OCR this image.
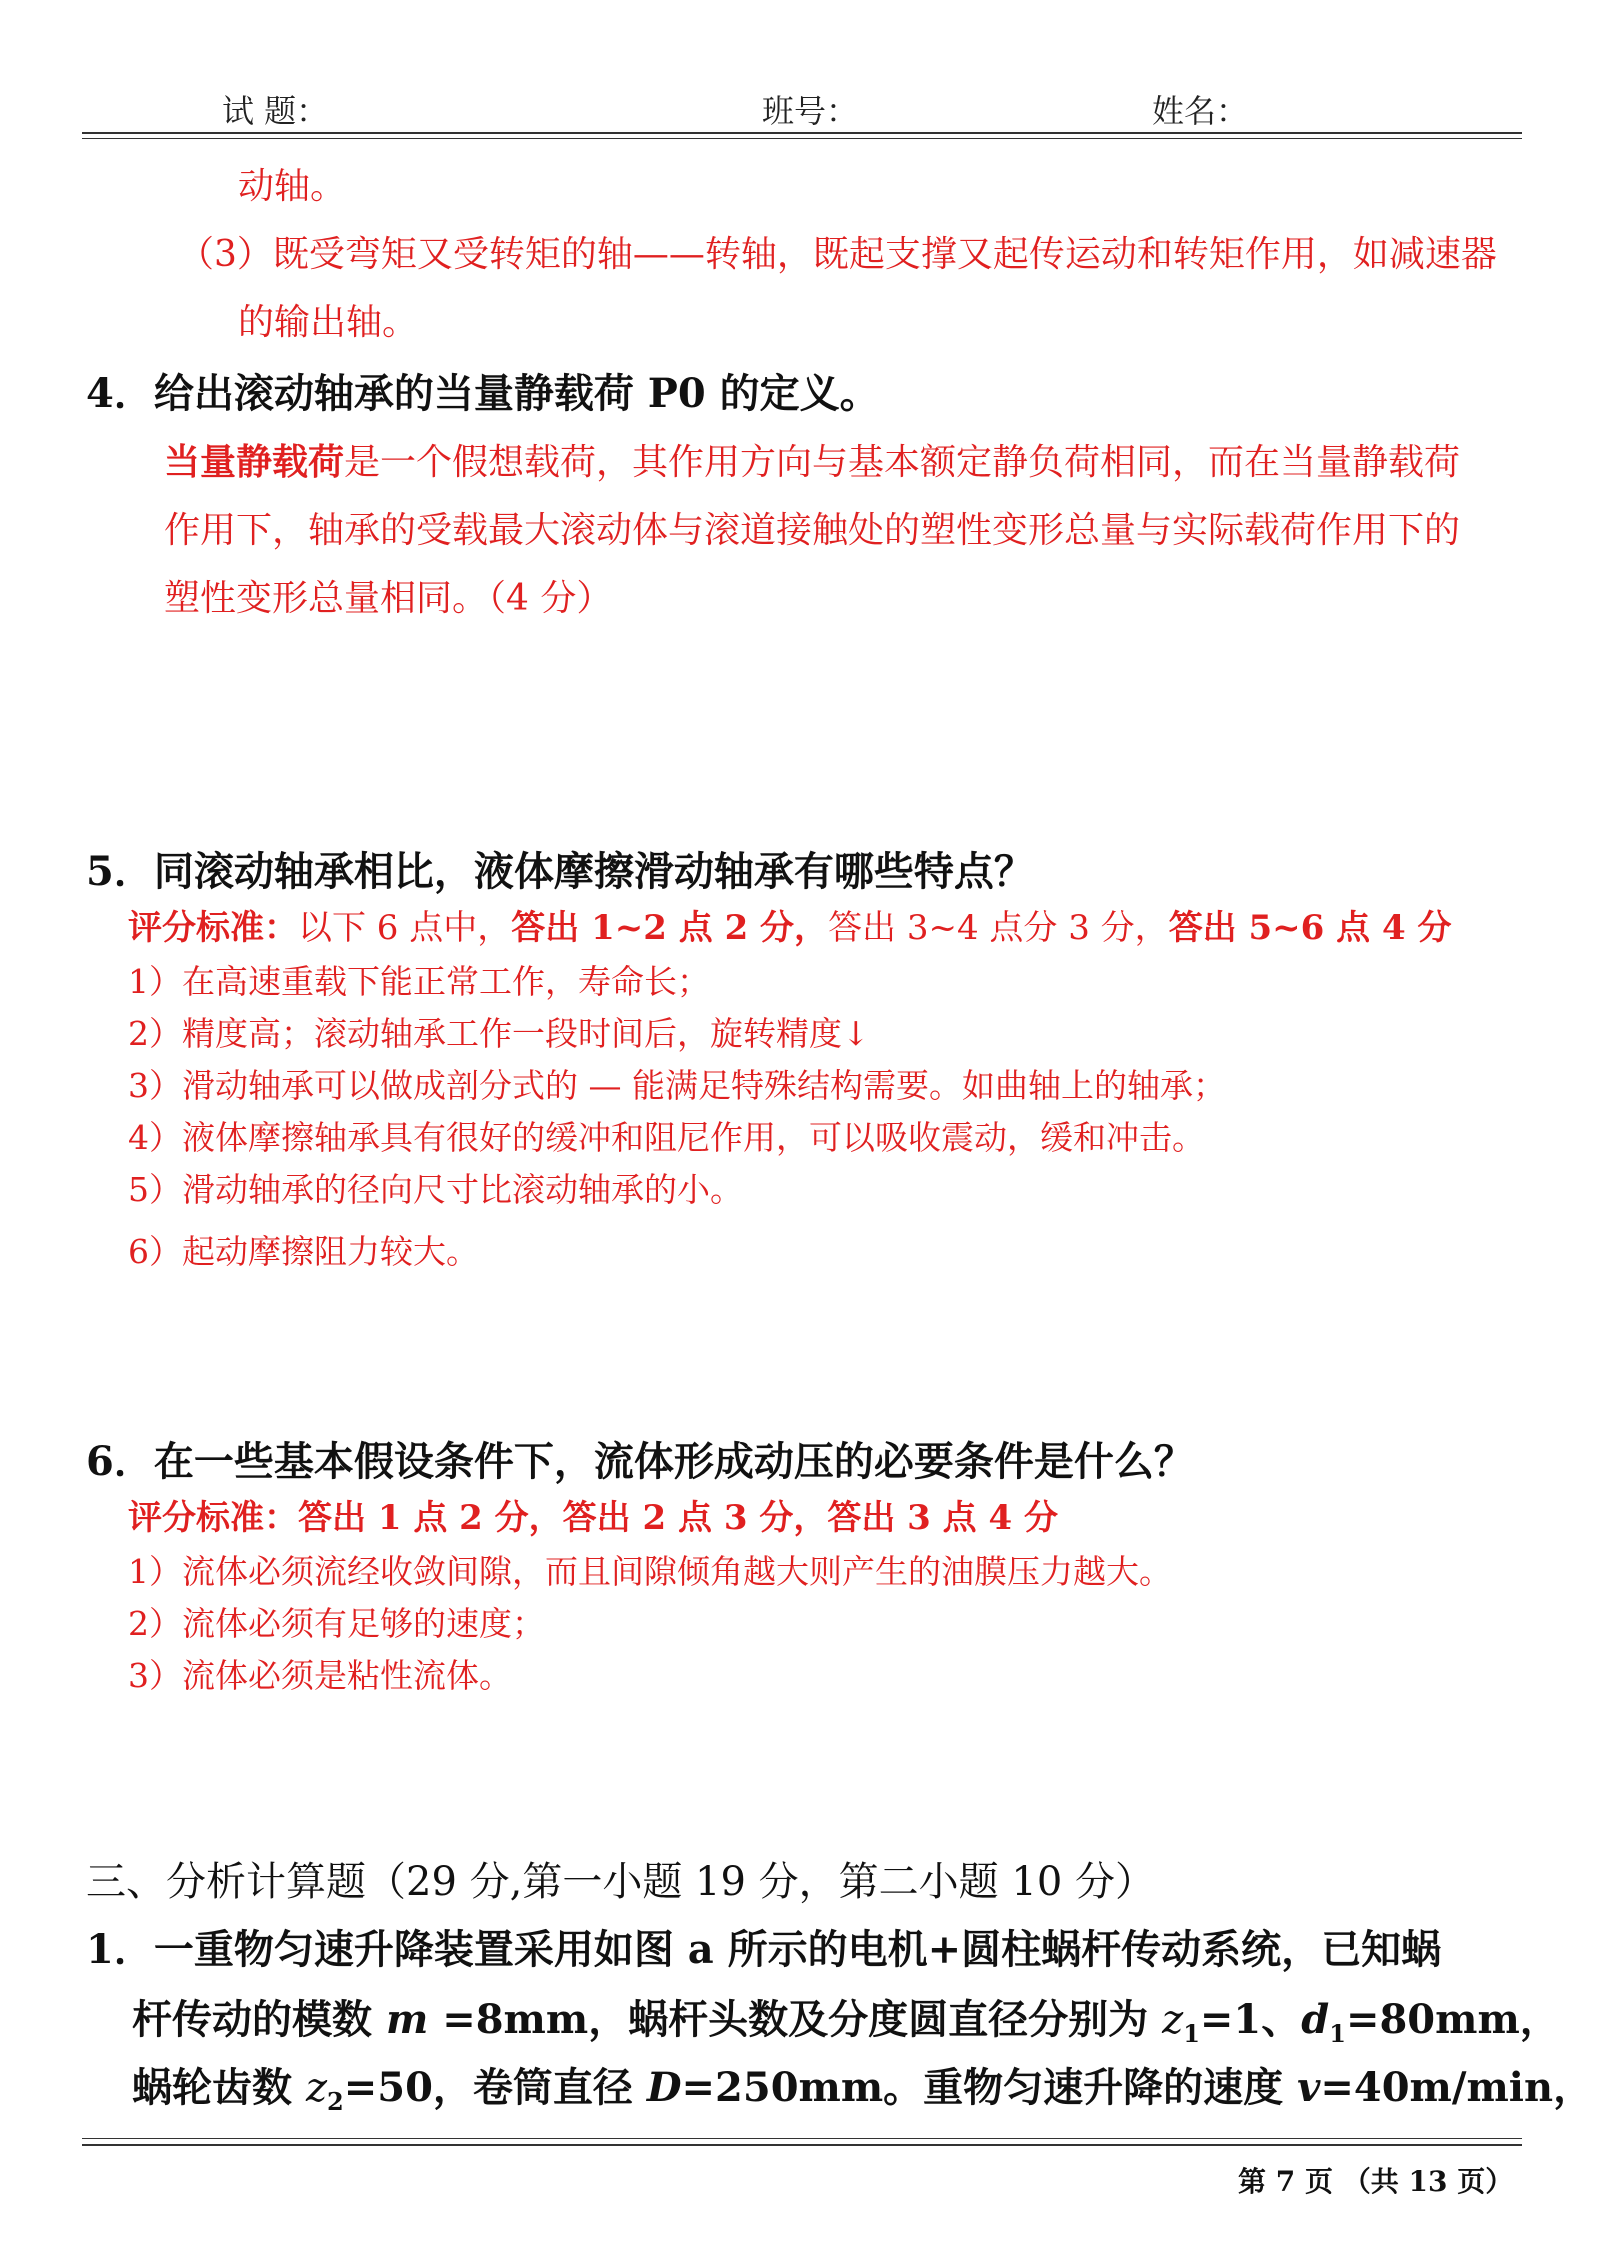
试 题：	班号：	姓名：
动轴。
（3）既受弯矩又受转矩的轴——转轴，既起支撑又起传运动和转矩作用，如减速器
的输出轴。
4．给出滚动轴承的当量静载荷 P0 的定义。
当量静载荷是一个假想载荷，其作用方向与基本额定静负荷相同，而在当量静载荷
作用下，轴承的受载最大滚动体与滚道接触处的塑性变形总量与实际载荷作用下的
塑性变形总量相同。（4 分）
5．同滚动轴承相比，液体摩擦滑动轴承有哪些特点？
评分标准：以下 6 点中，答出 1~2 点 2 分，答出 3~4 点分 3 分，答出 5~6 点 4 分
1）在高速重载下能正常工作，寿命长；
2）精度高；滚动轴承工作一段时间后，旋转精度↓
3）滑动轴承可以做成剖分式的 — 能满足特殊结构需要。如曲轴上的轴承；
4）液体摩擦轴承具有很好的缓冲和阻尼作用，可以吸收震动，缓和冲击。
5）滑动轴承的径向尺寸比滚动轴承的小。
6）起动摩擦阻力较大。
6．在一些基本假设条件下，流体形成动压的必要条件是什么？
评分标准：答出 1 点 2 分，答出 2 点 3 分，答出 3 点 4 分
1）流体必须流经收敛间隙，而且间隙倾角越大则产生的油膜压力越大。
2）流体必须有足够的速度；
3）流体必须是粘性流体。
三、分析计算题（29 分,第一小题 19 分，第二小题 10 分）
1．一重物匀速升降装置采用如图 a 所示的电机+圆柱蜗杆传动系统，已知蜗
杆传动的模数 m =8mm，蜗杆头数及分度圆直径分别为 $z_1=1$、$d_1=80mm$，
蜗轮齿数 $z_2=50$，卷筒直径 D=250mm。重物匀速升降的速度 v=40m/min，
第 7 页 （共 13 页）
